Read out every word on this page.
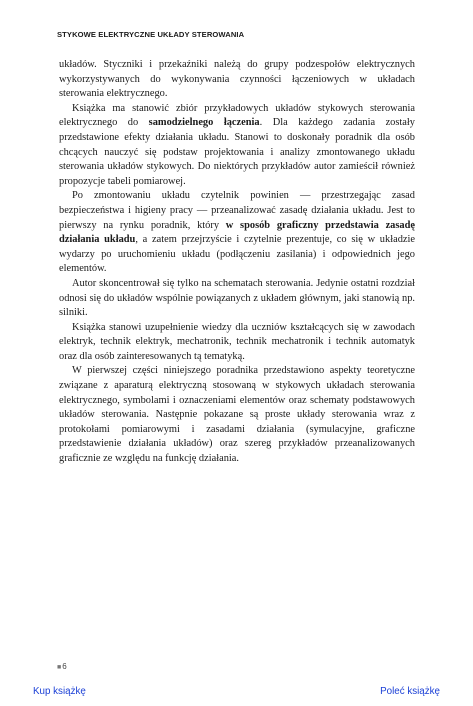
STYKOWE ELEKTRYCZNE UKŁADY STEROWANIA

układów. Styczniki i przekaźniki należą do grupy podzespołów elektrycznych wykorzystywanych do wykonywania czynności łączeniowych w układach sterowania elektrycznego.

Książka ma stanowić zbiór przykładowych układów stykowych sterowania elektrycznego do samodzielnego łączenia. Dla każdego zadania zostały przedstawione efekty działania układu. Stanowi to doskonały poradnik dla osób chcących nauczyć się podstaw projektowania i analizy zmontowanego układu sterowania układów stykowych. Do niektórych przykładów autor zamieścił również propozycje tabeli pomiarowej.

Po zmontowaniu układu czytelnik powinien — przestrzegając zasad bezpieczeństwa i higieny pracy — przeanalizować zasadę działania układu. Jest to pierwszy na rynku poradnik, który w sposób graficzny przedstawia zasadę działania układu, a zatem przejrzyście i czytelnie prezentuje, co się w układzie wydarzy po uruchomieniu układu (podłączeniu zasilania) i odpowiednich jego elementów.

Autor skoncentrował się tylko na schematach sterowania. Jedynie ostatni rozdział odnosi się do układów wspólnie powiązanych z układem głównym, jaki stanowią np. silniki.

Książka stanowi uzupełnienie wiedzy dla uczniów kształcących się w zawodach elektryk, technik elektryk, mechatronik, technik mechatronik i technik automatyk oraz dla osób zainteresowanych tą tematyką.

W pierwszej części niniejszego poradnika przedstawiono aspekty teoretyczne związane z aparaturą elektryczną stosowaną w stykowych układach sterowania elektrycznego, symbolami i oznaczeniami elementów oraz schematy podstawowych układów sterowania. Następnie pokazane są proste układy sterowania wraz z protokołami pomiarowymi i zasadami działania (symulacyjne, graficzne przedstawienie działania układów) oraz szereg przykładów przeanalizowanych graficznie ze względu na funkcję działania.

■6
Kup książkę	Poleć książkę
